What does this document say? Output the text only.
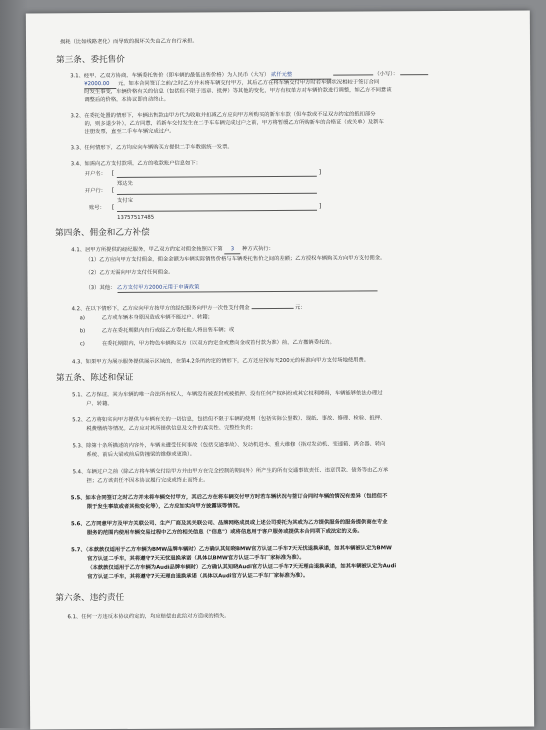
损耗（比如线路老化）而导致的损坏关失由乙方自行承担。
第三条、委托售价
3.1、经甲、乙双方协商，车辆委托售价（即车辆的最低出售价格）为人民币（大写） 贰仟元整	（小写）：
¥2000.00 元。如本合同签订之前/之时乙方并未将车辆交付甲方，其后乙方在将车辆交付甲方时若车辆状况相较于签订合同
时发生事变，车辆价格有关的信息（包括但不限于违章、抵押）等其他的变化，甲方有权单方对车辆价款进行调整，如乙方不同意该
调整后的价格，本协议即自动终止。
3.2、在委托处置的情形下，车辆出售款由甲方代为收取并扣减乙方应向甲方所购买的新车车款（但车款或不足双方约定的抵扣部分
的，则多退少补），乙方同意，若新车交付发生在二手车车辆完成过户之前，甲方将暂缓乙方所购新车的合格证（或关单）及新车
注册发票，直至二手车车辆完成过户。
3.3、任何情形下，乙方均应向车辆购买方提供二手车数据统一发票。
3.4、如需向乙方支付款项，乙方的收款账户信息如下：
开户名： [
郑达先
]
开户行： [
支付宝
账号： [
13757517485
]
第四条、佣金和乙方补偿
4.1、居甲方所提供的经纪服务，甲乙双方约定对佣金按照以下第 3 种方式执行：
（1）乙方应向甲方支付佣金，佣金金额为车辆实际销售价格与车辆委托售价之间的差额；乙方授权车辆购买方向甲方支付佣金。
（2）乙方无需向甲方支付任何佣金。
（3）其他： 乙方支付甲方2000元用于申请政策
4.2、在以下情形下，乙方应向甲方按甲方的经纪服务向甲方一次性支付佣金	元：
a)	乙方或车辆本身原因造成车辆不能过户、转籍；
b)	乙方在委托期限内自行或经乙方委托他人将出售车辆；或
c)	在委托期限内，甲方物色车辆购买方（以双方约定金或意向金或首付款为准）前，乙方撤销委托的。
4.3、如果甲方为展示服务提供展示区域的，在第4.2条所约定的情形下，乙方还应按每天200元的标准向甲方支付场地使用费。
第五条、陈述和保证
5.1、乙方保证，其为车辆的唯一合法所有权人，车辆没有被查封或被抵押、没有任何产权纠纷或其它权利障碍，车辆能够依法办理过
户、转籍。
5.2、乙方将如实向甲方提供与车辆有关的一切信息，包括但不限于车辆的使用（包括实际公里数）、现纸、事故、修理、检验、抵押、
税费缴纳等情况。乙方应对其所提供信息及文件的真实性、完整性负责；
5.3、除第十条所描述的内容外，车辆未遭受任何事故（包括交通事故）、发动机进水、重大维修（指对发动机、变速箱、离合器、转向
系统、前后大梁或前后防撞梁的维修或更换）。
5.4、车辆过户之前（除乙方将车辆交付给甲方并由甲方在完全控制的期间外）所产生的所有交通事故责任、违章罚款、债务等由乙方承
担；乙方该责任不因本协议履行完成或终止而终止。
5.5、如本合同签订之时乙方并未将车辆交付甲方，其后乙方在将车辆交付甲方时若车辆状况与签订合同时车辆的情况有差异（包括但不
限于发生事故或者其他变化等），乙方应如实向甲方披露该等情况。
5.6、乙方同意甲方及甲方关联公司、生产厂商及其关联公司、品牌网络成员或上述公司委托为其或为乙方提供服务的服务提供商在专业
服务的范围内使用车辆交易过程中乙方的相关信息（"信息"）或将信息用于客户服务或提供本合同项下或法定的义务。
5.7、（本款款仅适用于乙方车辆为BMW品牌车辆时）乙方确认其知晓BMW官方认证二手车7天无忧退换承诺，如其车辆被认定为BMW
官方认证二手车，其将遵守7天无忧退换承诺（具体以BMW官方认证二手车厂家标准为准）。
（本款款仅适用于乙方车辆为Audi品牌车辆时）乙方确认其知晓Audi官方认证二手车7天无理由退换承诺，如其车辆被认定为Audi
官方认证二手车，其将遵守7天无理由退换承诺（具体以Audi官方认证二手车厂家标准为准）。
第六条、违约责任
6.1、任何一方违反本协议约定的，均应赔偿由此给对方造成的损失。
